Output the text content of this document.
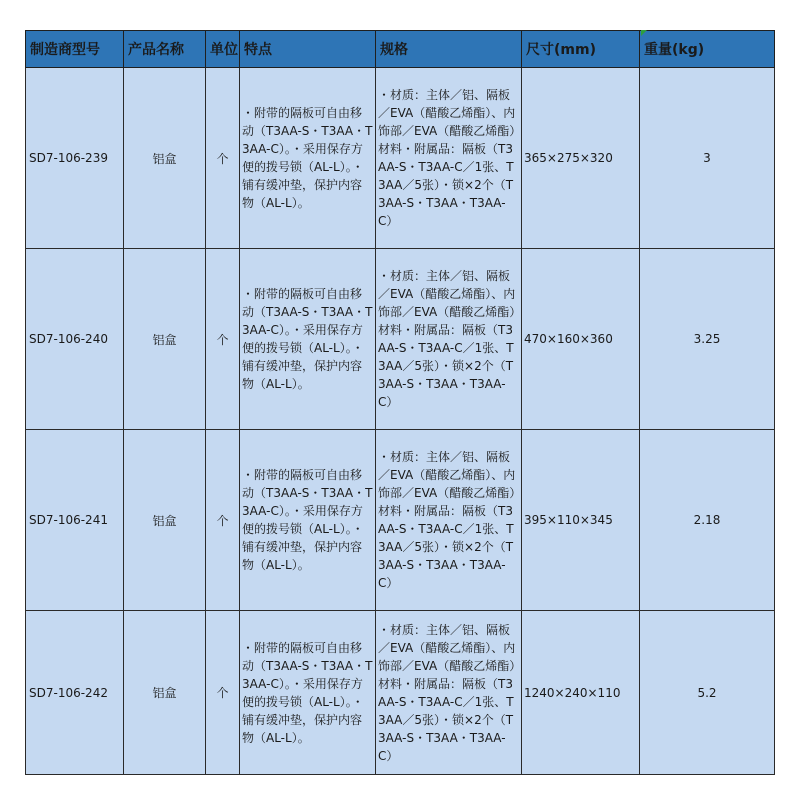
制造商型号	产品名称	单位	特点	规格	尺寸(mm)	重量(kg)
SD7-106-239	铝盒	个	・附带的隔板可自由移动（T3AA-S・T3AA・T3AA-C）。・采用保存方便的拨号锁（AL-L）。・铺有缓冲垫，保护内容物（AL-L）。	・材质：主体／铝、隔板／EVA（醋酸乙烯酯）、内饰部／EVA（醋酸乙烯酯）材料・附属品：隔板（T3AA-S・T3AA-C／1张、T3AA／5张）・锁×2个（T3AA-S・T3AA・T3AA-C）	365×275×320	3
SD7-106-240	铝盒	个	・附带的隔板可自由移动（T3AA-S・T3AA・T3AA-C）。・采用保存方便的拨号锁（AL-L）。・铺有缓冲垫，保护内容物（AL-L）。	・材质：主体／铝、隔板／EVA（醋酸乙烯酯）、内饰部／EVA（醋酸乙烯酯）材料・附属品：隔板（T3AA-S・T3AA-C／1张、T3AA／5张）・锁×2个（T3AA-S・T3AA・T3AA-C）	470×160×360	3.25
SD7-106-241	铝盒	个	・附带的隔板可自由移动（T3AA-S・T3AA・T3AA-C）。・采用保存方便的拨号锁（AL-L）。・铺有缓冲垫，保护内容物（AL-L）。	・材质：主体／铝、隔板／EVA（醋酸乙烯酯）、内饰部／EVA（醋酸乙烯酯）材料・附属品：隔板（T3AA-S・T3AA-C／1张、T3AA／5张）・锁×2个（T3AA-S・T3AA・T3AA-C）	395×110×345	2.18
SD7-106-242	铝盒	个	・附带的隔板可自由移动（T3AA-S・T3AA・T3AA-C）。・采用保存方便的拨号锁（AL-L）。・铺有缓冲垫，保护内容物（AL-L）。	・材质：主体／铝、隔板／EVA（醋酸乙烯酯）、内饰部／EVA（醋酸乙烯酯）材料・附属品：隔板（T3AA-S・T3AA-C／1张、T3AA／5张）・锁×2个（T3AA-S・T3AA・T3AA-C）	1240×240×110	5.2
